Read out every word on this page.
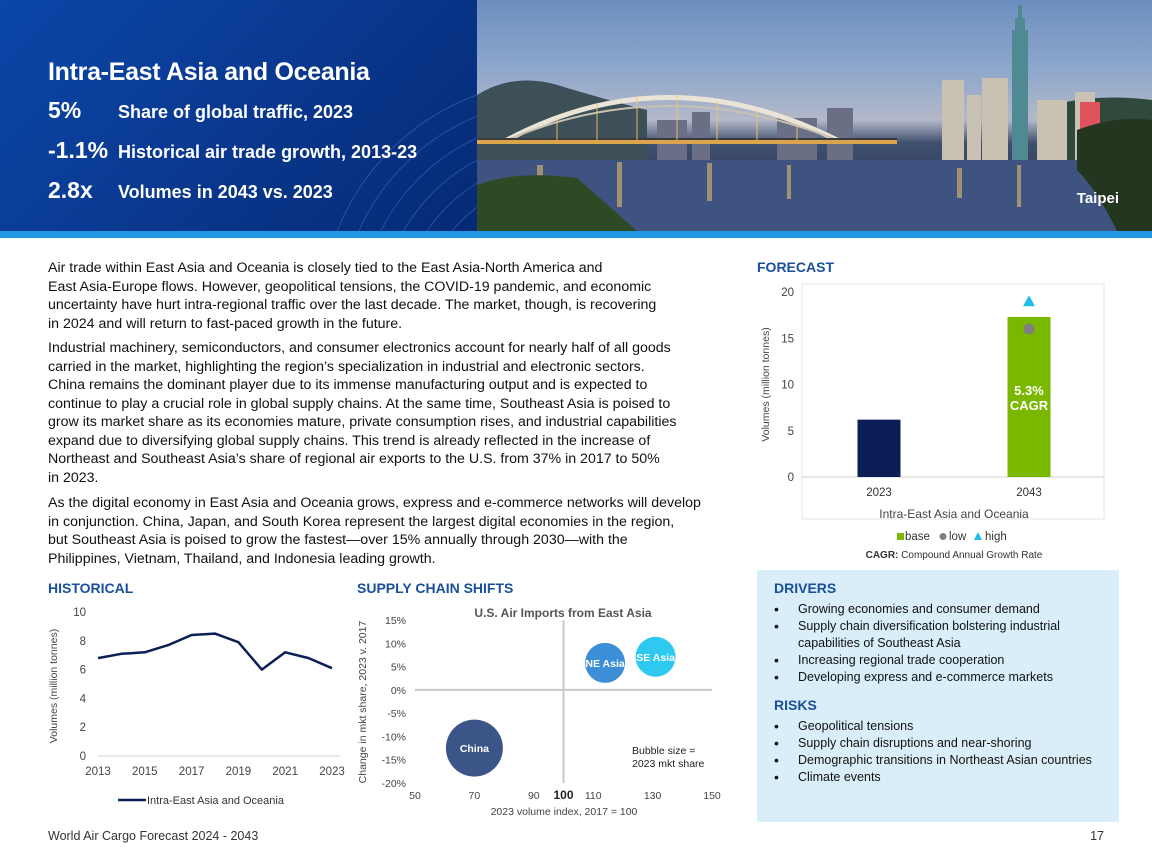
Intra-East Asia and Oceania
5% Share of global traffic, 2023
-1.1% Historical air trade growth, 2013-23
2.8x Volumes in 2043 vs. 2023	Taipei
Air trade within East Asia and Oceania is closely tied to the East Asia-North America and
East Asia-Europe flows. However, geopolitical tensions, the COVID-19 pandemic, and economic
uncertainty have hurt intra-regional traffic over the last decade. The market, though, is recovering
in 2024 and will return to fast-paced growth in the future.
Industrial machinery, semiconductors, and consumer electronics account for nearly half of all goods
carried in the market, highlighting the region’s specialization in industrial and electronic sectors.
China remains the dominant player due to its immense manufacturing output and is expected to
continue to play a crucial role in global supply chains. At the same time, Southeast Asia is poised to
grow its market share as its economies mature, private consumption rises, and industrial capabilities
expand due to diversifying global supply chains. This trend is already reflected in the increase of
Northeast and Southeast Asia’s share of regional air exports to the U.S. from 37% in 2017 to 50%
in 2023.
As the digital economy in East Asia and Oceania grows, express and e-commerce networks will develop
in conjunction. China, Japan, and South Korea represent the largest digital economies in the region,
but Southeast Asia is poised to grow the fastest—over 15% annually through 2030—with the
Philippines, Vietnam, Thailand, and Indonesia leading growth.
FORECAST
HISTORICAL	SUPPLY CHAIN SHIFTS
0
5
10
15
20
Volumes (million tonnes)
2023	2043
5.3%
CAGR
Intra-East Asia and Oceania
base low high
CAGR: Compound Annual Growth Rate
0
2
4
6
8
10
2013 2015 2017 2019 2021 2023
Volumes (million tonnes)
Intra-East Asia and Oceania
U.S. Air Imports from East Asia
15%
10%
5%
0%
-5%
-10%
-15%
-20%
50	70	90 100 110	130	150
Change in mkt share, 2023 v. 2017
2023 volume index, 2017 = 100
China
NE Asia
SE Asia
Bubble size =
2023 mkt share
DRIVERS
• Growing economies and consumer demand
• Supply chain diversification bolstering industrial capabilities of Southeast Asia
• Increasing regional trade cooperation
• Developing express and e-commerce markets
RISKS
• Geopolitical tensions
• Supply chain disruptions and near-shoring
• Demographic transitions in Northeast Asian countries
• Climate events
World Air Cargo Forecast 2024 - 2043	17
